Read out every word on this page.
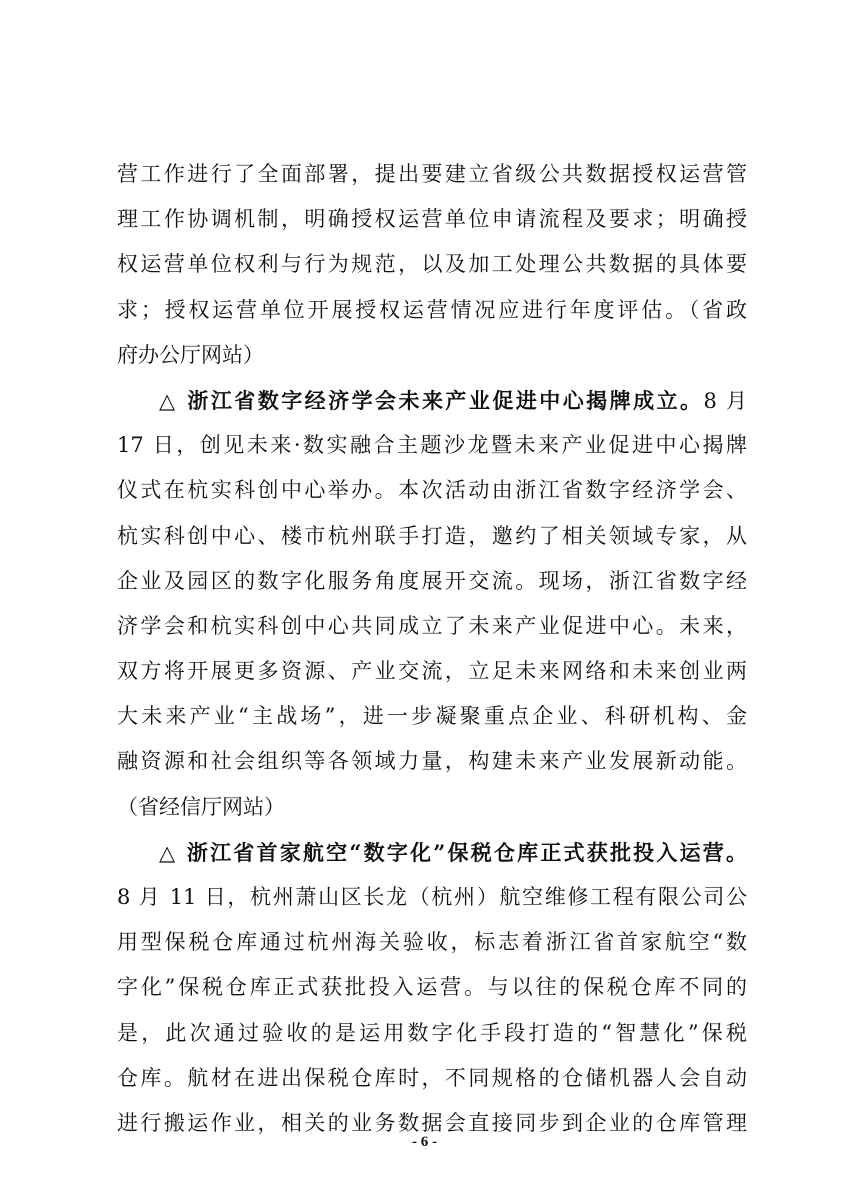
营工作进行了全面部署，提出要建立省级公共数据授权运营管
理工作协调机制，明确授权运营单位申请流程及要求；明确授
权运营单位权利与行为规范，以及加工处理公共数据的具体要
求；授权运营单位开展授权运营情况应进行年度评估。（省政
府办公厅网站）
△ 浙江省数字经济学会未来产业促进中心揭牌成立。8 月
17 日，创见未来·数实融合主题沙龙暨未来产业促进中心揭牌
仪式在杭实科创中心举办。本次活动由浙江省数字经济学会、
杭实科创中心、楼市杭州联手打造，邀约了相关领域专家，从
企业及园区的数字化服务角度展开交流。现场，浙江省数字经
济学会和杭实科创中心共同成立了未来产业促进中心。未来，
双方将开展更多资源、产业交流，立足未来网络和未来创业两
大未来产业“主战场”，进一步凝聚重点企业、科研机构、金
融资源和社会组织等各领域力量，构建未来产业发展新动能。
（省经信厅网站）
△ 浙江省首家航空“数字化”保税仓库正式获批投入运营。
8 月 11 日，杭州萧山区长龙（杭州）航空维修工程有限公司公
用型保税仓库通过杭州海关验收，标志着浙江省首家航空“数
字化”保税仓库正式获批投入运营。与以往的保税仓库不同的
是，此次通过验收的是运用数字化手段打造的“智慧化”保税
仓库。航材在进出保税仓库时，不同规格的仓储机器人会自动
进行搬运作业，相关的业务数据会直接同步到企业的仓库管理
- 6 -
